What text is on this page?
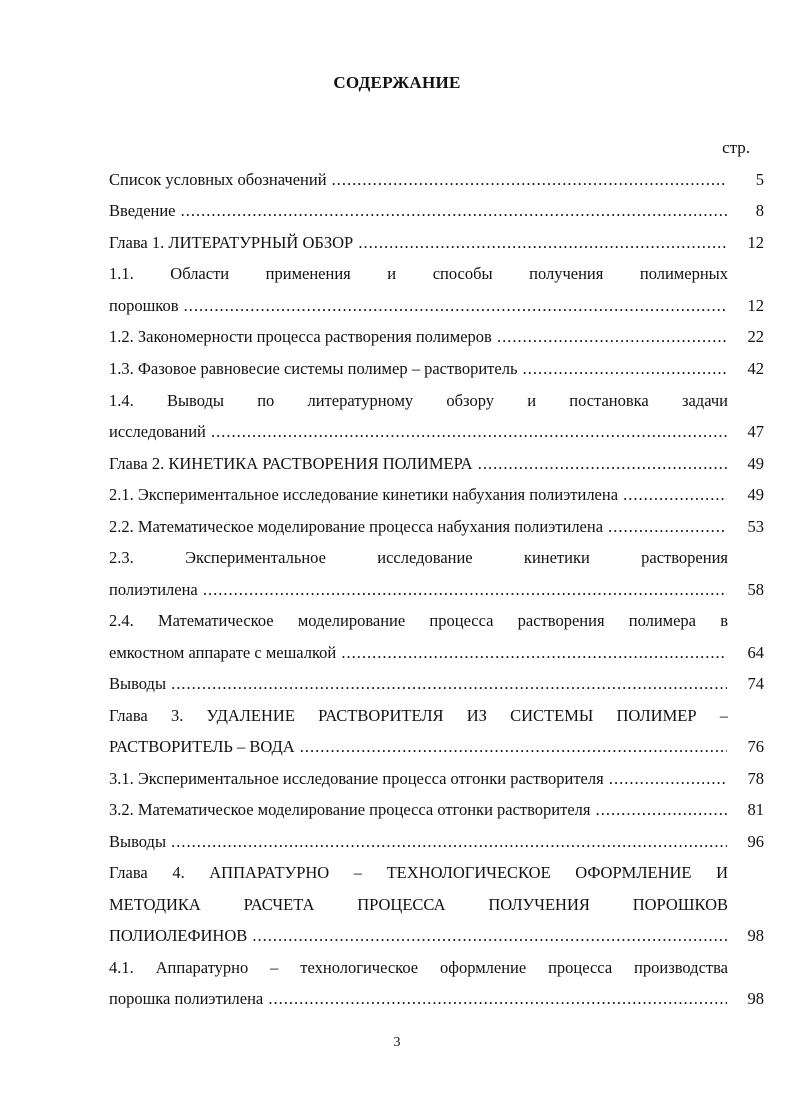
СОДЕРЖАНИЕ
стр.
Список условных обозначений .....	5
Введение .....	8
Глава 1. ЛИТЕРАТУРНЫЙ ОБЗОР .....	12
1.1. Области применения и способы получения полимерных
порошков .....	12
1.2. Закономерности процесса растворения полимеров .....	22
1.3. Фазовое равновесие системы полимер – растворитель .....	42
1.4. Выводы по литературному обзору и постановка задачи
исследований .....	47
Глава 2. КИНЕТИКА РАСТВОРЕНИЯ ПОЛИМЕРА .....	49
2.1. Экспериментальное исследование кинетики набухания полиэтилена .....	49
2.2. Математическое моделирование процесса набухания полиэтилена .....	53
2.3. Экспериментальное исследование кинетики растворения
полиэтилена .....	58
2.4. Математическое моделирование процесса растворения полимера в
емкостном аппарате с мешалкой .....	64
Выводы .....	74
Глава 3. УДАЛЕНИЕ РАСТВОРИТЕЛЯ ИЗ СИСТЕМЫ ПОЛИМЕР –
РАСТВОРИТЕЛЬ – ВОДА .....	76
3.1. Экспериментальное исследование процесса отгонки растворителя .....	78
3.2. Математическое моделирование процесса отгонки растворителя .....	81
Выводы .....	96
Глава 4. АППАРАТУРНО – ТЕХНОЛОГИЧЕСКОЕ ОФОРМЛЕНИЕ И
МЕТОДИКА РАСЧЕТА ПРОЦЕССА ПОЛУЧЕНИЯ ПОРОШКОВ
ПОЛИОЛЕФИНОВ .....	98
4.1. Аппаратурно – технологическое оформление процесса производства
порошка полиэтилена .....	98
3
